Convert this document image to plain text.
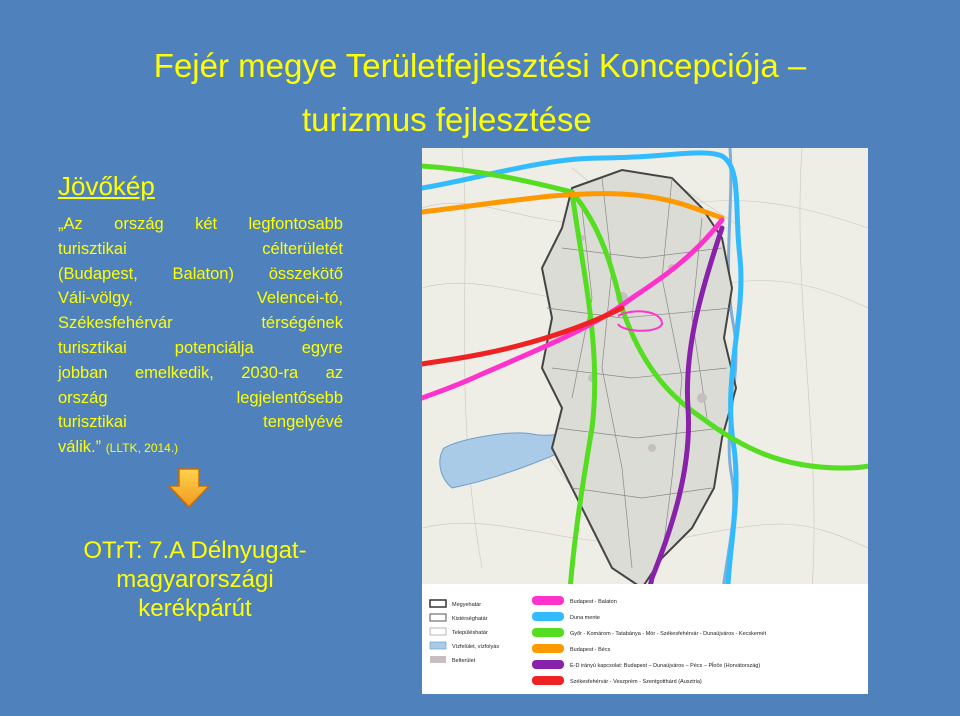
Fejér megye Területfejlesztési Koncepciója –
turizmus fejlesztése
Jövőkép
„Az ország két legfontosabb
turisztikai célterületét
(Budapest, Balaton) összekötő
Váli-völgy, Velencei-tó,
Székesfehérvár térségének
turisztikai potenciálja egyre
jobban emelkedik, 2030-ra az
ország legjelentősebb
turisztikai tengelyévé
válik.” (LLTK, 2014.)
OTrT: 7.A Délnyugat-
magyarországi
kerékpárút	Megyehatár
Kistérséghatár
Településhatár
Vízfelület, vízfolyás
Belterület
Budapest - Balaton
Duna mente
Győr - Komárom - Tatabánya - Mór - Székesfehérvár - Dunaújváros - Kecskemét
Budapest - Bécs
É-D irányú kapcsolat: Budapest – Dunaújváros – Pécs – Pł̌oče (Horvátország)
Székesfehérvár - Veszprém - Szentgotthárd (Ausztria)
